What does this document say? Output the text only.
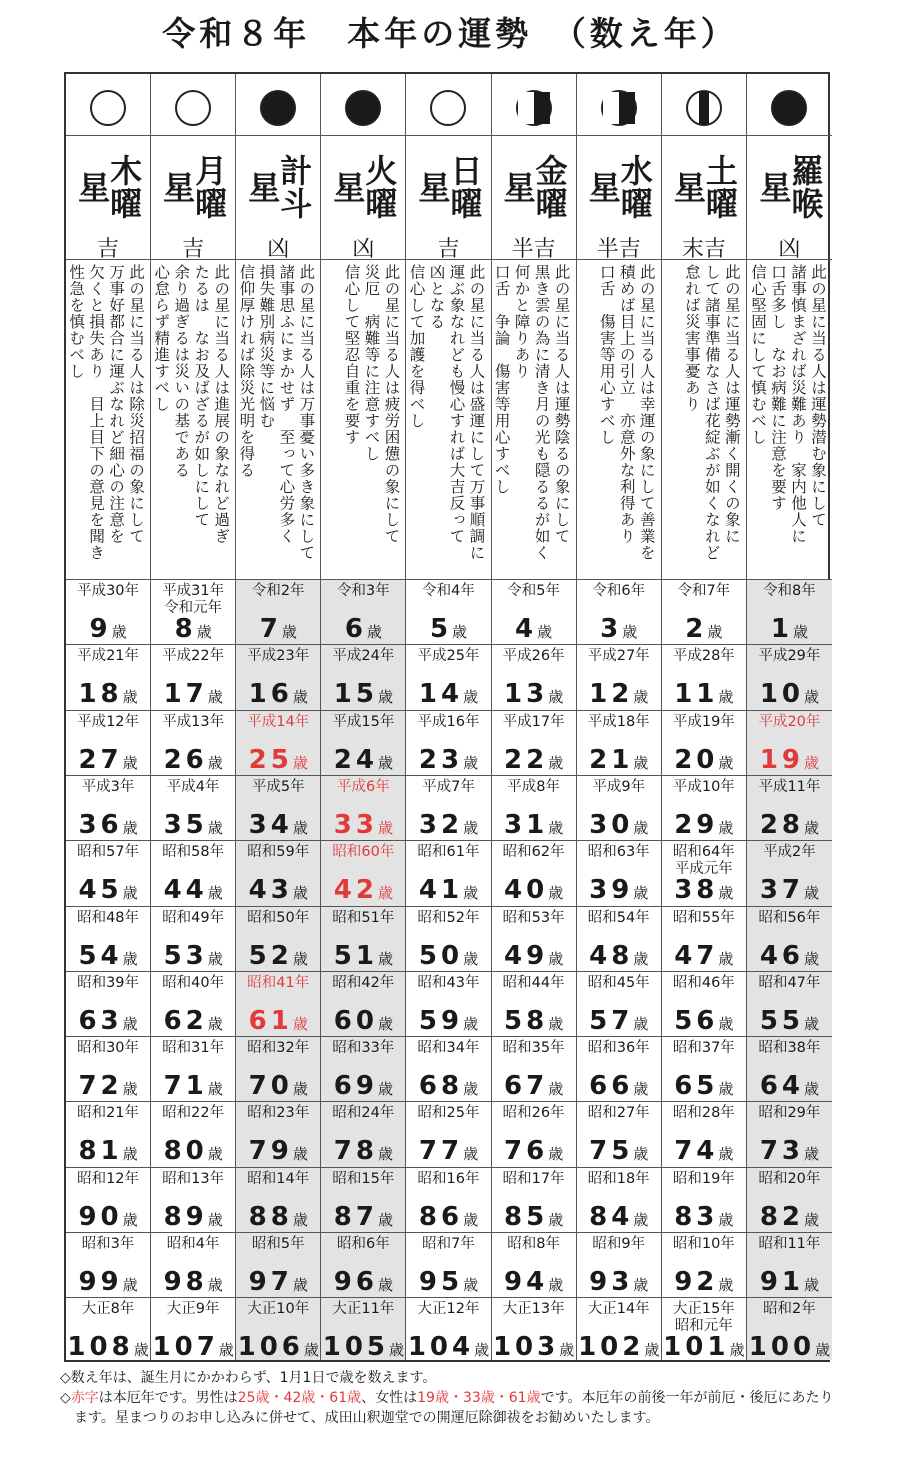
令和８年　本年の運勢　（数え年）
木曜星
吉
此の星に当る人は除災招福の象にして
万事好都合に運ぶなれど細心の注意を
欠くと損失あり　目上目下の意見を聞き
性急を慎むべし
平成30年
9歳
平成21年
18歳
平成12年
27歳
平成3年
36歳
昭和57年
45歳
昭和48年
54歳
昭和39年
63歳
昭和30年
72歳
昭和21年
81歳
昭和12年
90歳
昭和3年
99歳
大正8年
108歳
月曜星
吉
此の星に当る人は進展の象なれど過ぎ
たるは　なお及ばざるが如しにして
余り過ぎるは災いの基である
心怠らず精進すべし
平成31年
令和元年
8歳
平成22年
17歳
平成13年
26歳
平成4年
35歳
昭和58年
44歳
昭和49年
53歳
昭和40年
62歳
昭和31年
71歳
昭和22年
80歳
昭和13年
89歳
昭和4年
98歳
大正9年
107歳
計斗星
凶
此の星に当る人は万事憂い多き象にして
諸事思ふにまかせず　至って心労多く
損失難別病災等に悩む
信仰厚ければ除災光明を得る
令和2年
7歳
平成23年
16歳
平成14年
25歳
平成5年
34歳
昭和59年
43歳
昭和50年
52歳
昭和41年
61歳
昭和32年
70歳
昭和23年
79歳
昭和14年
88歳
昭和5年
97歳
大正10年
106歳
火曜星
凶
此の星に当る人は疲労困憊の象にして
災厄　病難等に注意すべし
信心して堅忍自重を要す
令和3年
6歳
平成24年
15歳
平成15年
24歳
平成6年
33歳
昭和60年
42歳
昭和51年
51歳
昭和42年
60歳
昭和33年
69歳
昭和24年
78歳
昭和15年
87歳
昭和6年
96歳
大正11年
105歳
日曜星
吉
此の星に当る人は盛運にして万事順調に
運ぶ象なれども慢心すれば大吉反って
凶となる
信心して加護を得べし
令和4年
5歳
平成25年
14歳
平成16年
23歳
平成7年
32歳
昭和61年
41歳
昭和52年
50歳
昭和43年
59歳
昭和34年
68歳
昭和25年
77歳
昭和16年
86歳
昭和7年
95歳
大正12年
104歳
金曜星
半吉
此の星に当る人は運勢陰るの象にして
黒き雲の為に清き月の光も隠るるが如く
何かと障りあり
口舌　争論　傷害等用心すべし
令和5年
4歳
平成26年
13歳
平成17年
22歳
平成8年
31歳
昭和62年
40歳
昭和53年
49歳
昭和44年
58歳
昭和35年
67歳
昭和26年
76歳
昭和17年
85歳
昭和8年
94歳
大正13年
103歳
水曜星
半吉
此の星に当る人は幸運の象にして善業を
積めば目上の引立　亦意外な利得あり
口舌　傷害等用心すべし
令和6年
3歳
平成27年
12歳
平成18年
21歳
平成9年
30歳
昭和63年
39歳
昭和54年
48歳
昭和45年
57歳
昭和36年
66歳
昭和27年
75歳
昭和18年
84歳
昭和9年
93歳
大正14年
102歳
土曜星
末吉
此の星に当る人は運勢漸く開くの象に
して諸事準備なさば花綻ぶが如くなれど
怠れば災害事憂あり
令和7年
2歳
平成28年
11歳
平成19年
20歳
平成10年
29歳
昭和64年
平成元年
38歳
昭和55年
47歳
昭和46年
56歳
昭和37年
65歳
昭和28年
74歳
昭和19年
83歳
昭和10年
92歳
大正15年
昭和元年
101歳
羅喉星
凶
此の星に当る人は運勢潜む象にして
諸事慎まざれば災難あり　家内他人に
口舌多し　なお病難に注意を要す
信心堅固にして慎むべし
令和8年
1歳
平成29年
10歳
平成20年
19歳
平成11年
28歳
平成2年
37歳
昭和56年
46歳
昭和47年
55歳
昭和38年
64歳
昭和29年
73歳
昭和20年
82歳
昭和11年
91歳
昭和2年
100歳

◇数え年は、誕生月にかかわらず、1月1日で歳を数えます。

◇赤字は本厄年です。男性は25歳・42歳・61歳、女性は19歳・33歳・61歳です。本厄年の前後一年が前厄・後厄にあたり

ます。星まつりのお申し込みに併せて、成田山釈迦堂での開運厄除御祓をお勧めいたします。
